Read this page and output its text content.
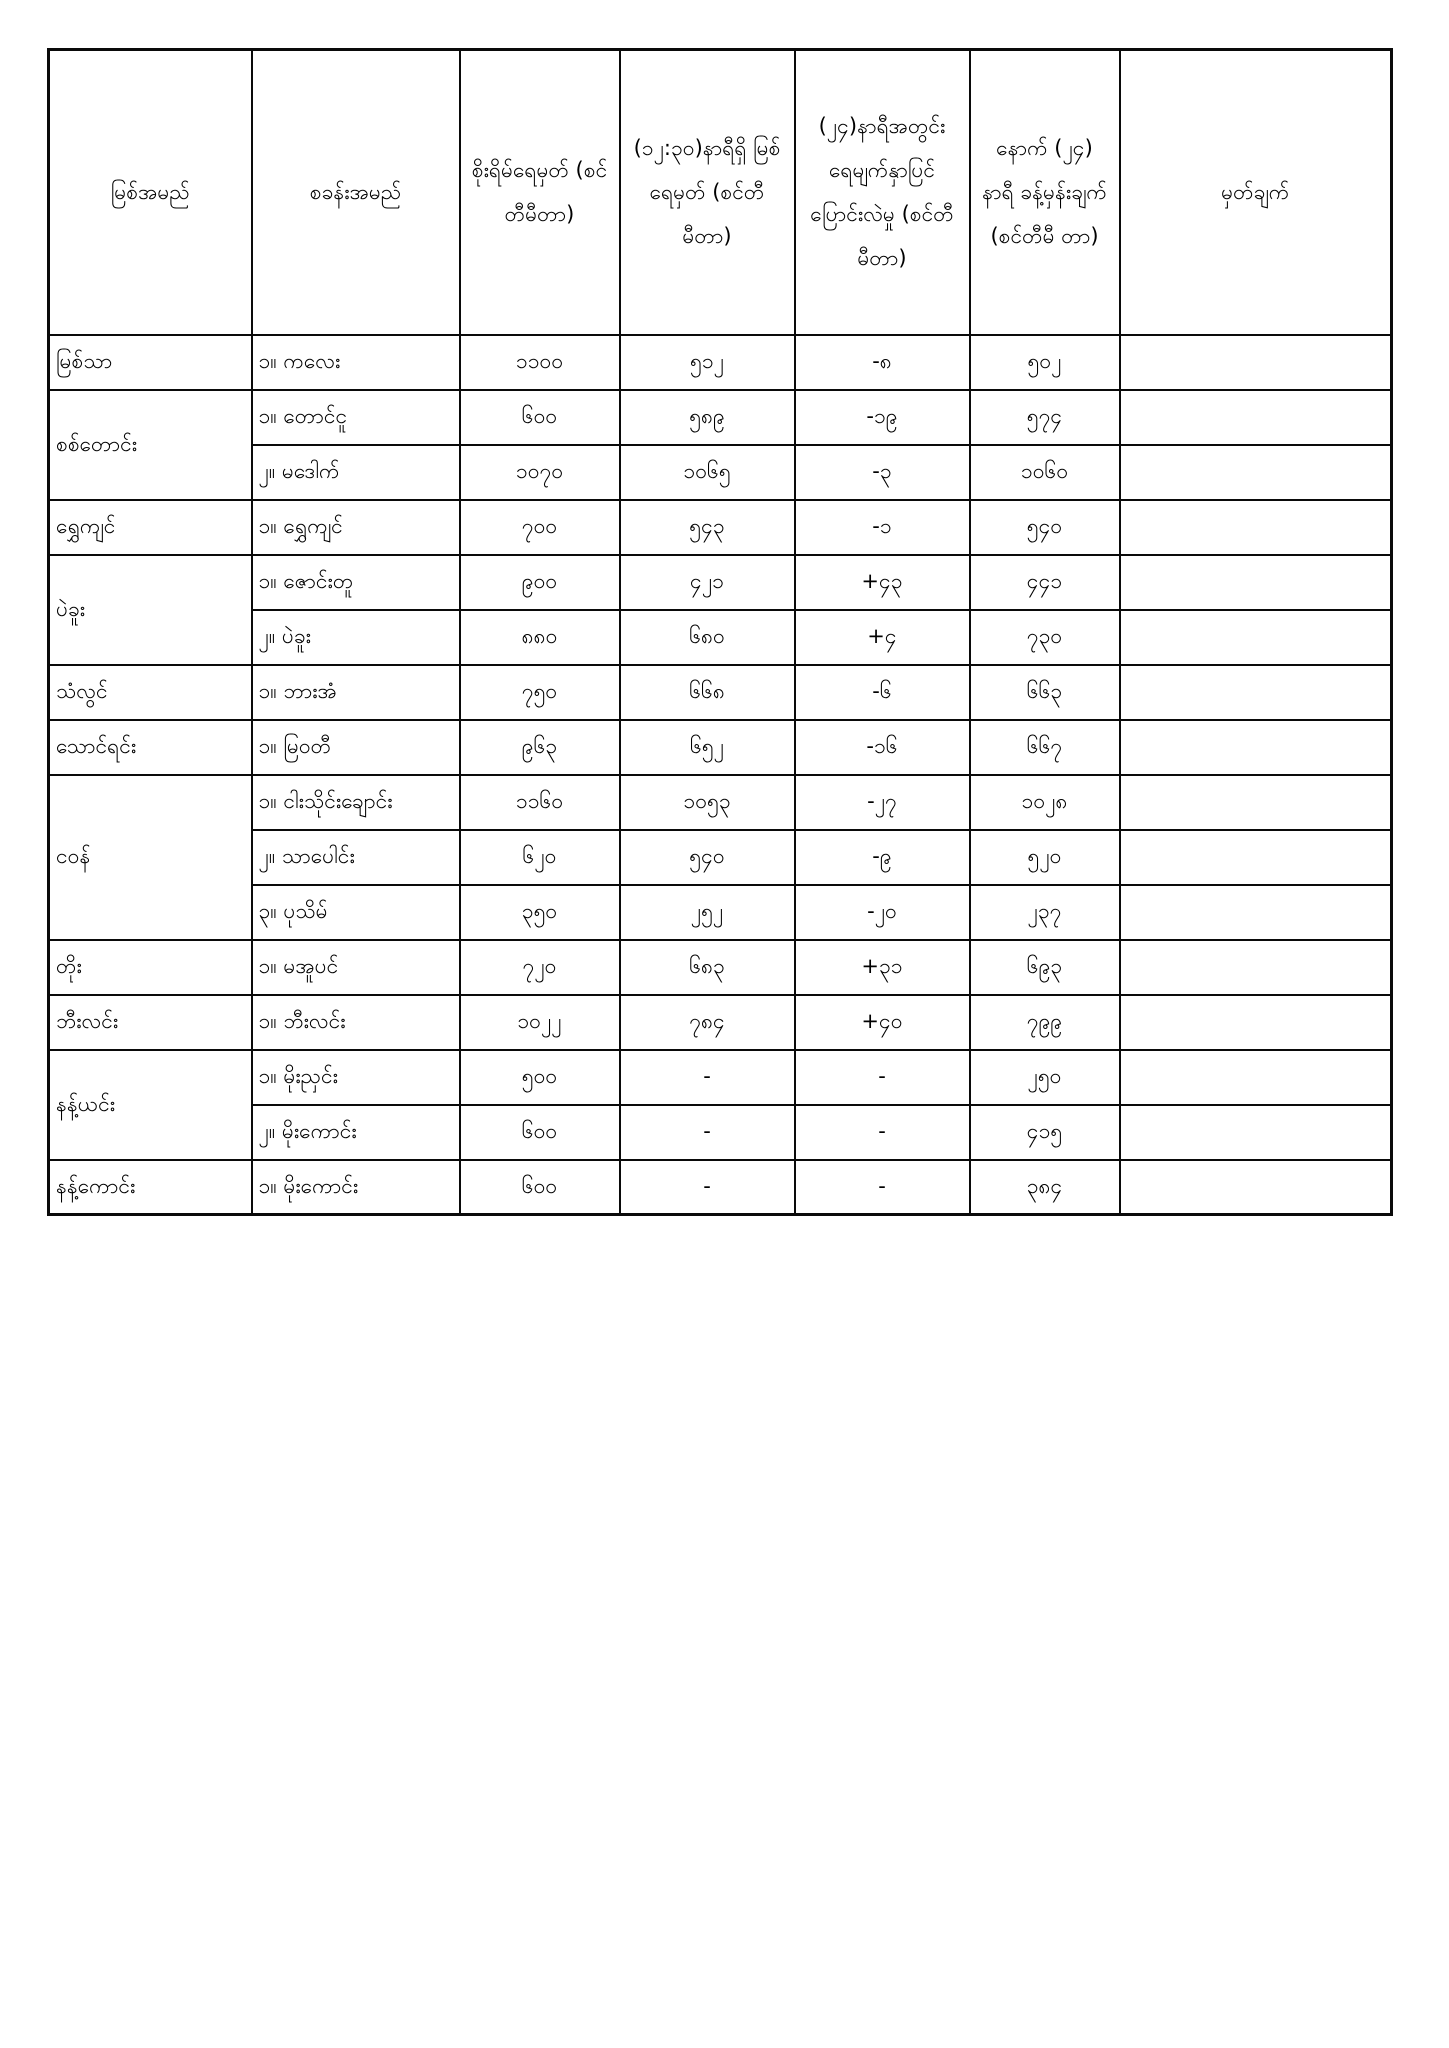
မြစ်အမည်	စခန်းအမည်	စိုးရိမ်ရေမှတ် (စင်တီမီတာ)	(၁၂:၃၀)နာရီရှိ မြစ်ရေမှတ် (စင်တီမီတာ)	(၂၄)နာရီအတွင်း ရေမျက်နှာပြင် ပြောင်းလဲမှု (စင်တီမီတာ)	နောက် (၂၄) နာရီ ခန့်မှန်းချက် (စင်တီမီ တာ)	မှတ်ချက်
မြစ်သာ	၁။ ကလေး	၁၁၀၀	၅၁၂	-၈	၅၀၂	
စစ်တောင်း	၁။ တောင်ငူ	၆၀၀	၅၈၉	-၁၉	၅၇၄	
	၂။ မဒေါက်	၁၀၇၀	၁၀၆၅	-၃	၁၀၆၀	
ရွှေကျင်	၁။ ရွှေကျင်	၇၀၀	၅၄၃	-၁	၅၄၀	
ပဲခူး	၁။ ဇောင်းတူ	၉၀၀	၄၂၁	+၄၃	၄၄၁	
	၂။ ပဲခူး	၈၈၀	၆၈၀	+၄	၇၃၀	
သံလွင်	၁။ ဘားအံ	၇၅၀	၆၆၈	-၆	၆၆၃	
သောင်ရင်း	၁။ မြဝတီ	၉၆၃	၆၅၂	-၁၆	၆၆၇	
ငဝန်	၁။ ငါးသိုင်းချောင်း	၁၁၆၀	၁၀၅၃	-၂၇	၁၀၂၈	
	၂။ သာပေါင်း	၆၂၀	၅၄၀	-၉	၅၂၀	
	၃။ ပုသိမ်	၃၅၀	၂၅၂	-၂၀	၂၃၇	
တိုး	၁။ မအူပင်	၇၂၀	၆၈၃	+၃၁	၆၉၃	
ဘီးလင်း	၁။ ဘီးလင်း	၁၀၂၂	၇၈၄	+၄၀	၇၉၉	
နန့်ယင်း	၁။ မိုးညှင်း	၅၀၀	-	-	၂၅၀	
	၂။ မိုးကောင်း	၆၀၀	-	-	၄၁၅	
နန့်ကောင်း	၁။ မိုးကောင်း	၆၀၀	-	-	၃၈၄	
